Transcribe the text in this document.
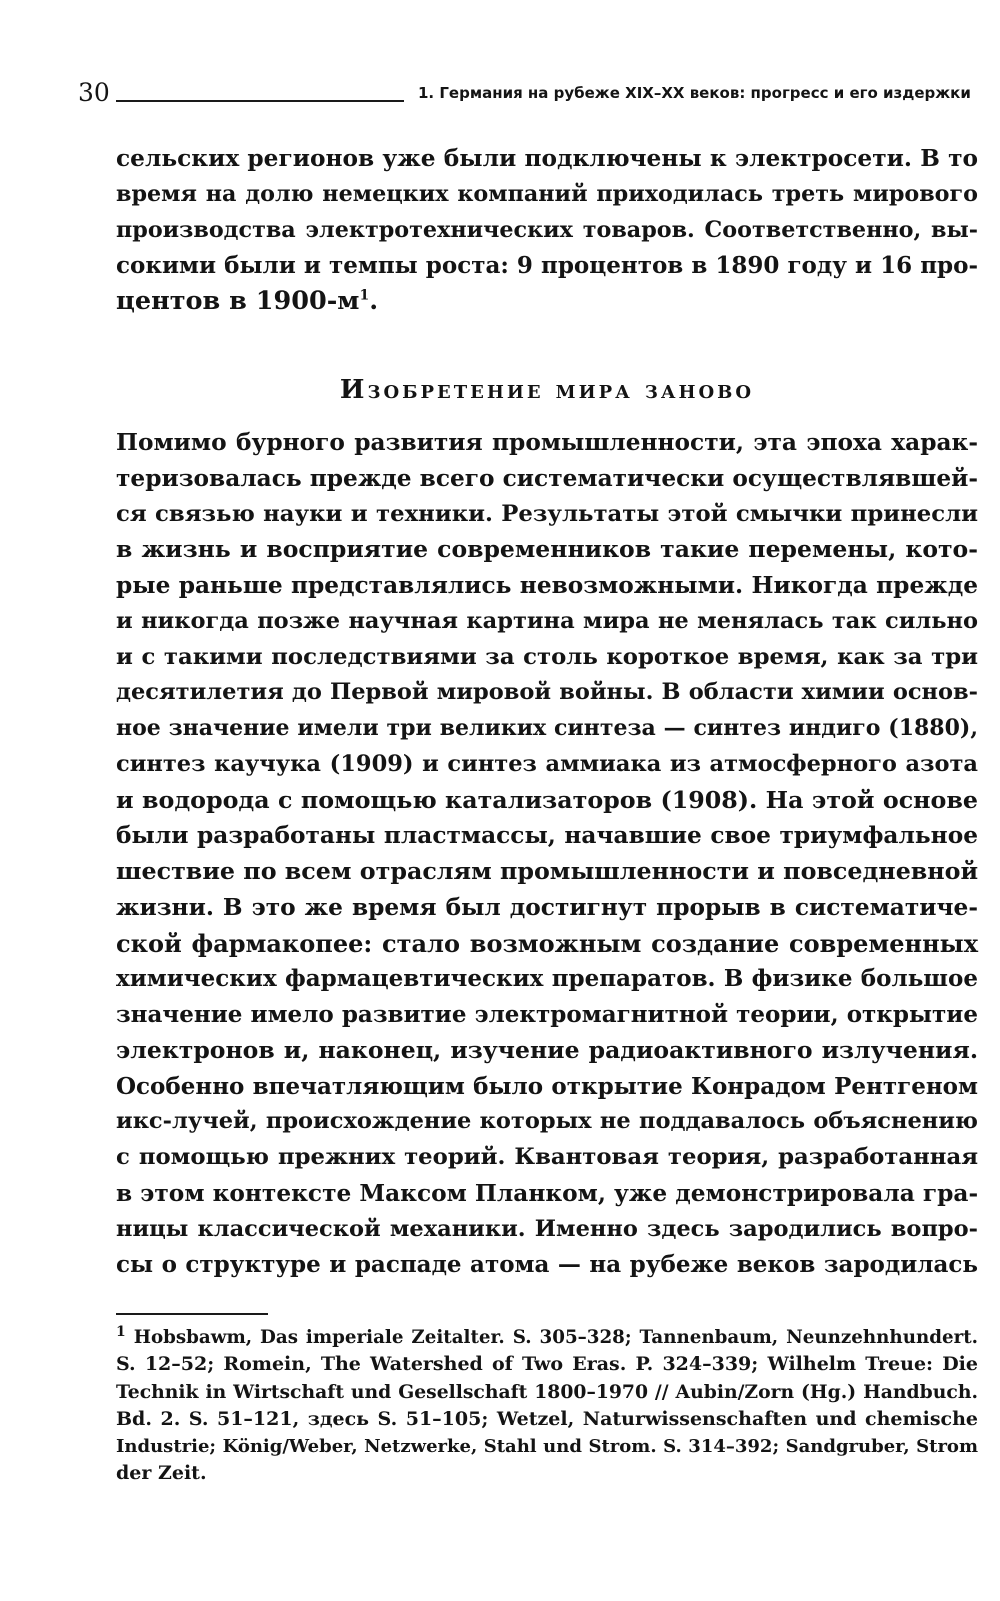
30	1. Германия на рубеже XIX–XX веков: прогресс и его издержки
сельских регионов уже были подключены к электросети. В то
время на долю немецких компаний приходилась треть мирового
производства электротехнических товаров. Соответственно, вы-
сокими были и темпы роста: 9 процентов в 1890 году и 16 про-
центов в $1900-м^1$.
Изобретение мира заново
Помимо бурного развития промышленности, эта эпоха харак-
теризовалась прежде всего систематически осуществлявшей-
ся связью науки и техники. Результаты этой смычки принесли
в жизнь и восприятие современников такие перемены, кото-
рые раньше представлялись невозможными. Никогда прежде
и никогда позже научная картина мира не менялась так сильно
и с такими последствиями за столь короткое время, как за три
десятилетия до Первой мировой войны. В области химии основ-
ное значение имели три великих синтеза — синтез индиго (1880),
синтез каучука (1909) и синтез аммиака из атмосферного азота
и водорода с помощью катализаторов (1908). На этой основе
были разработаны пластмассы, начавшие свое триумфальное
шествие по всем отраслям промышленности и повседневной
жизни. В это же время был достигнут прорыв в систематиче-
ской фармакопее: стало возможным создание современных
химических фармацевтических препаратов. В физике большое
значение имело развитие электромагнитной теории, открытие
электронов и, наконец, изучение радиоактивного излучения.
Особенно впечатляющим было открытие Конрадом Рентгеном
икс-лучей, происхождение которых не поддавалось объяснению
с помощью прежних теорий. Квантовая теория, разработанная
в этом контексте Максом Планком, уже демонстрировала гра-
ницы классической механики. Именно здесь зародились вопро-
сы о структуре и распаде атома — на рубеже веков зародилась
$^1$ Hobsbawm, Das imperiale Zeitalter. S. 305–328; Tannenbaum, Neunzehnhundert.
S. 12–52; Romein, The Watershed of Two Eras. P. 324–339; Wilhelm Treue: Die
Technik in Wirtschaft und Gesellschaft 1800–1970 // Aubin/Zorn (Hg.) Handbuch.
Bd. 2. S. 51–121, здесь S. 51–105; Wetzel, Naturwissenschaften und chemische
Industrie; König/Weber, Netzwerke, Stahl und Strom. S. 314–392; Sandgruber, Strom
der Zeit.
